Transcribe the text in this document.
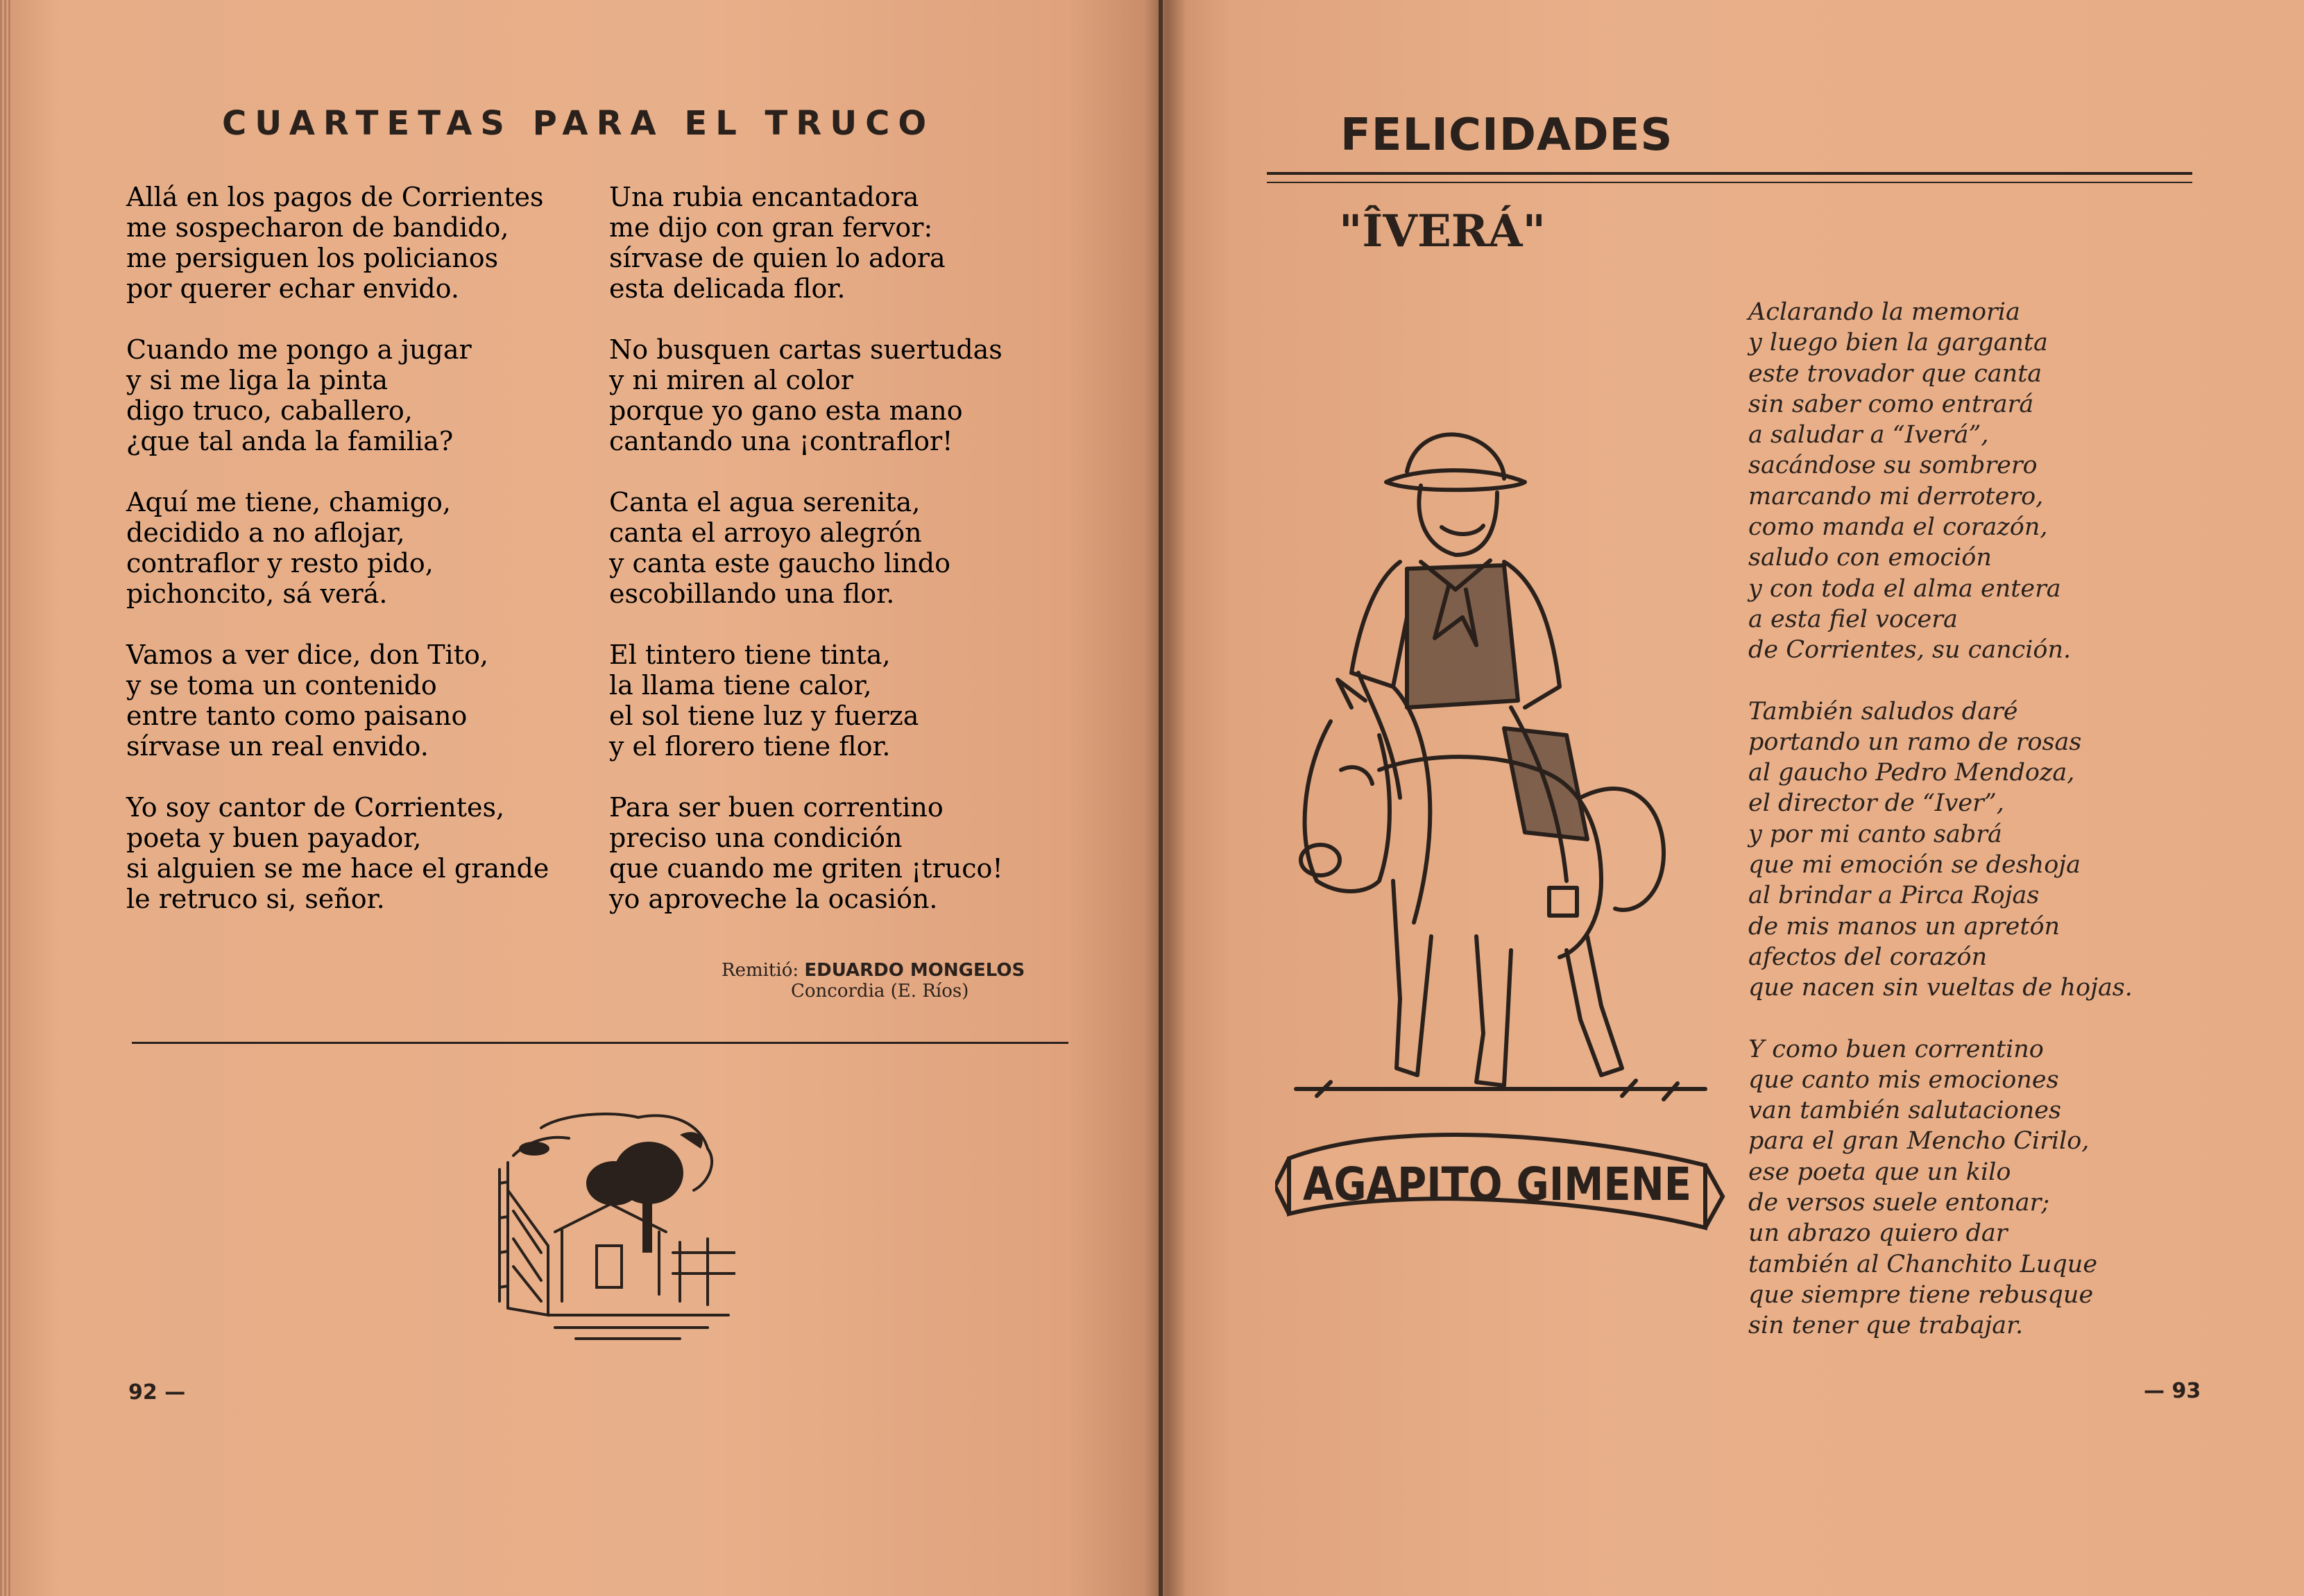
CUARTETAS PARA EL TRUCO
Allá en los pagos de Corrientes
me sospecharon de bandido,
me persiguen los policianos
por querer echar envido.
Cuando me pongo a jugar
y si me liga la pinta
digo truco, caballero,
¿que tal anda la familia?
Aquí me tiene, chamigo,
decidido a no aflojar,
contraflor y resto pido,
pichoncito, sá verá.
Vamos a ver dice, don Tito,
y se toma un contenido
entre tanto como paisano
sírvase un real envido.
Yo soy cantor de Corrientes,
poeta y buen payador,
si alguien se me hace el grande
le retruco si, señor.
Una rubia encantadora
me dijo con gran fervor:
sírvase de quien lo adora
esta delicada flor.
No busquen cartas suertudas
y ni miren al color
porque yo gano esta mano
cantando una ¡contraflor!
Canta el agua serenita,
canta el arroyo alegrón
y canta este gaucho lindo
escobillando una flor.
El tintero tiene tinta,
la llama tiene calor,
el sol tiene luz y fuerza
y el florero tiene flor.
Para ser buen correntino
preciso una condición
que cuando me griten ¡truco!
yo aproveche la ocasión.
Remitió: EDUARDO MONGELOS
Concordia (E. Ríos)
92 —
FELICIDADES
"ÎVERÁ"
AGAPITO GIMENE
Aclarando la memoria
y luego bien la garganta
este trovador que canta
sin saber como entrará
a saludar a “Iverá”,
sacándose su sombrero
marcando mi derrotero,
como manda el corazón,
saludo con emoción
y con toda el alma entera
a esta fiel vocera
de Corrientes, su canción.
También saludos daré
portando un ramo de rosas
al gaucho Pedro Mendoza,
el director de “Iver”,
y por mi canto sabrá
que mi emoción se deshoja
al brindar a Pirca Rojas
de mis manos un apretón
afectos del corazón
que nacen sin vueltas de hojas.
Y como buen correntino
que canto mis emociones
van también salutaciones
para el gran Mencho Cirilo,
ese poeta que un kilo
de versos suele entonar;
un abrazo quiero dar
también al Chanchito Luque
que siempre tiene rebusque
sin tener que trabajar.
— 93
